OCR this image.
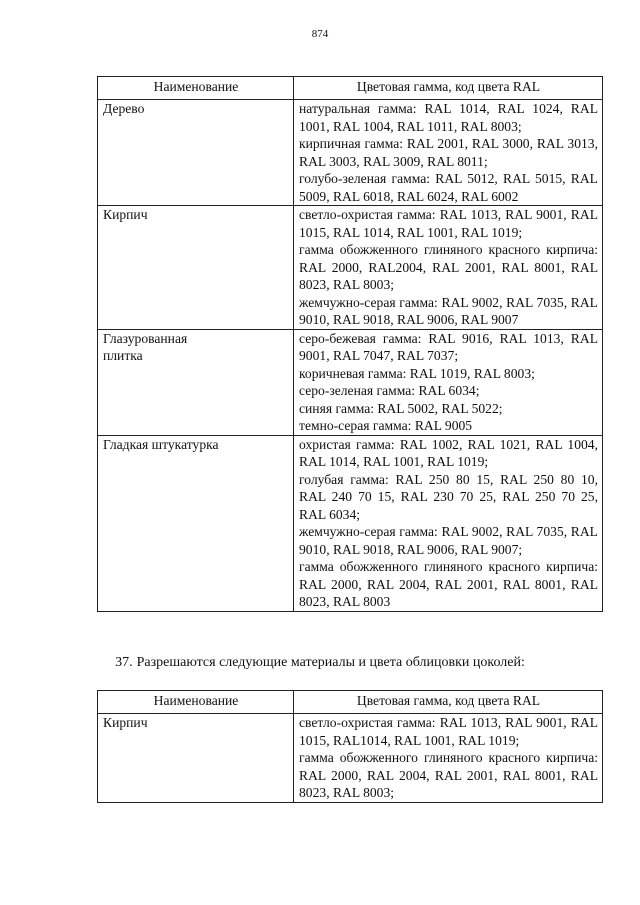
874
Наименование	Цветовая гамма, код цвета RAL

Дерево	натуральная гамма: RAL 1014, RAL 1024, RAL 1001, RAL 1004, RAL 1011, RAL 8003;
кирпичная гамма: RAL 2001, RAL 3000, RAL 3013, RAL 3003, RAL 3009, RAL 8011;
голубо-зеленая гамма: RAL 5012, RAL 5015, RAL 5009, RAL 6018, RAL 6024, RAL 6002

Кирпич	светло-охристая гамма: RAL 1013, RAL 9001, RAL 1015, RAL 1014, RAL 1001, RAL 1019;
гамма обожженного глиняного красного кирпича: RAL 2000, RAL2004, RAL 2001, RAL 8001, RAL 8023, RAL 8003;
жемчужно-серая гамма: RAL 9002, RAL 7035, RAL 9010, RAL 9018, RAL 9006, RAL 9007

Глазурованная
плитка	серо-бежевая гамма: RAL 9016, RAL 1013, RAL 9001, RAL 7047, RAL 7037;
коричневая гамма: RAL 1019, RAL 8003;
серо-зеленая гамма: RAL 6034;
синяя гамма: RAL 5002, RAL 5022;
темно-серая гамма: RAL 9005

Гладкая штукатурка	охристая гамма: RAL 1002, RAL 1021, RAL 1004, RAL 1014, RAL 1001, RAL 1019;
голубая гамма: RAL 250 80 15, RAL 250 80 10, RAL 240 70 15, RAL 230 70 25, RAL 250 70 25, RAL 6034;
жемчужно-серая гамма: RAL 9002, RAL 7035, RAL 9010, RAL 9018, RAL 9006, RAL 9007;
гамма обожженного глиняного красного кирпича: RAL 2000, RAL 2004, RAL 2001, RAL 8001, RAL 8023, RAL 8003
37. Разрешаются следующие материалы и цвета облицовки цоколей:
Наименование	Цветовая гамма, код цвета RAL

Кирпич	светло-охристая гамма: RAL 1013, RAL 9001, RAL 1015, RAL1014, RAL 1001, RAL 1019;
гамма обожженного глиняного красного кирпича: RAL 2000, RAL 2004, RAL 2001, RAL 8001, RAL 8023, RAL 8003;
